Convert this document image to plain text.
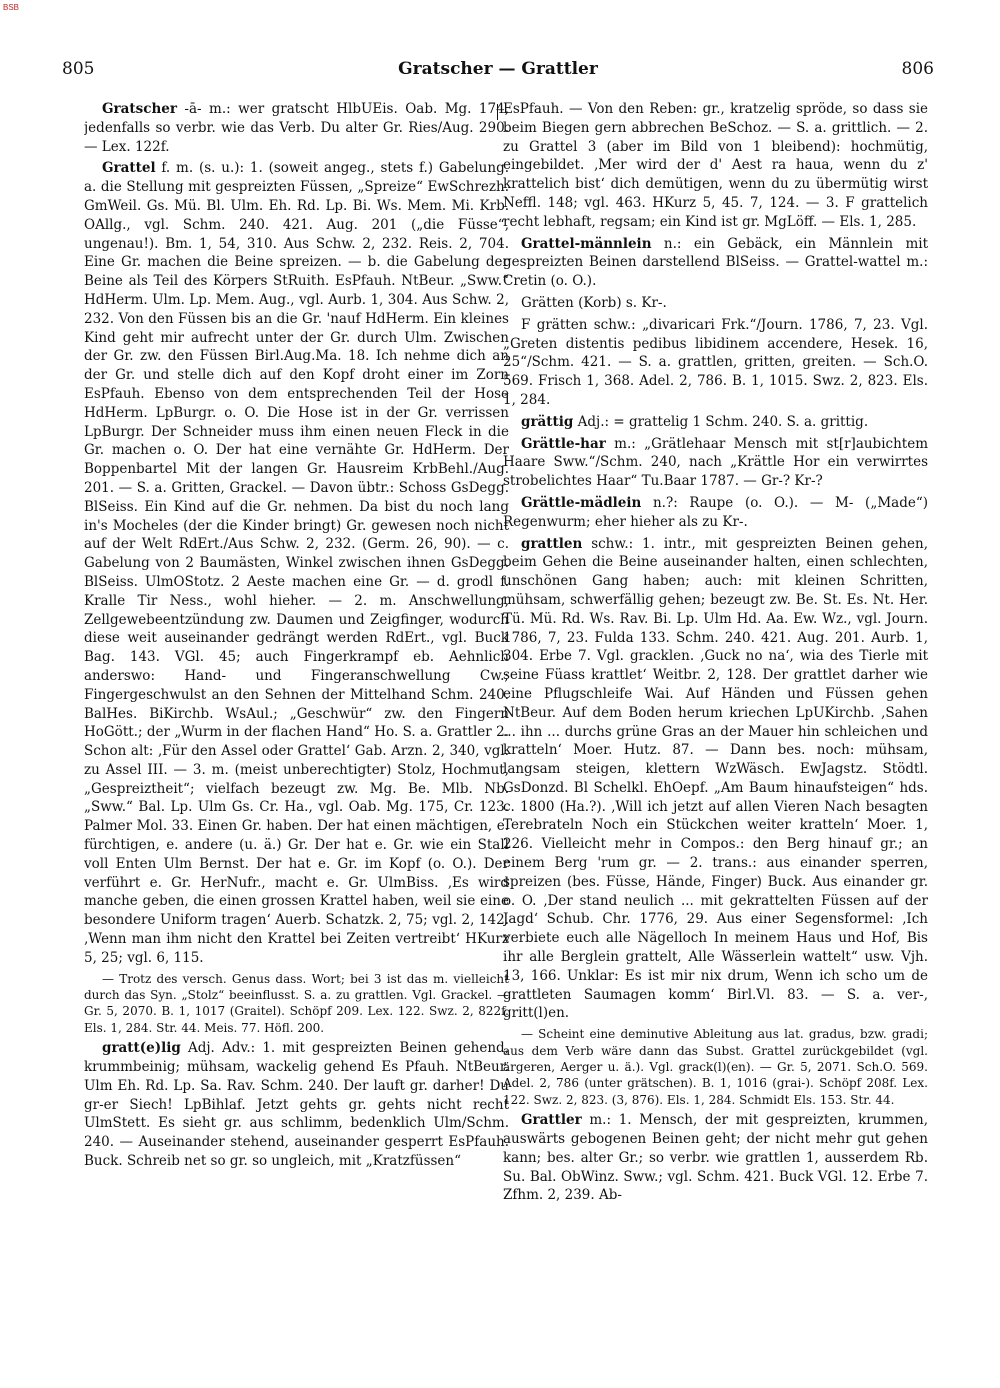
BSB
805	Gratscher — Grattler	806

Gratscher -ā- m.: wer gratscht HlbUEis. Oab. Mg. 174, jedenfalls so verbr. wie das Verb. Du alter Gr. Ries/Aug. 290. — Lex. 122f.

Grattel f. m. (s. u.): 1. (soweit angeg., stets f.) Gabelung. a. die Stellung mit gespreizten Füssen, „Spreize“ EwSchrezh. GmWeil. Gs. Mü. Bl. Ulm. Eh. Rd. Lp. Bi. Ws. Mem. Mi. Krb. OAllg., vgl. Schm. 240. 421. Aug. 201 („die Füsse“, ungenau!). Bm. 1, 54, 310. Aus Schw. 2, 232. Reis. 2, 704. Eine Gr. machen die Beine spreizen. — b. die Gabelung der Beine als Teil des Körpers StRuith. EsPfauh. NtBeur. „Sww.“ HdHerm. Ulm. Lp. Mem. Aug., vgl. Aurb. 1, 304. Aus Schw. 2, 232. Von den Füssen bis an die Gr. 'nauf HdHerm. Ein kleines Kind geht mir aufrecht unter der Gr. durch Ulm. Zwischen der Gr. zw. den Füssen Birl.Aug.Ma. 18. Ich nehme dich an der Gr. und stelle dich auf den Kopf droht einer im Zorn EsPfauh. Ebenso von dem entsprechenden Teil der Hose HdHerm. LpBurgr. o. O. Die Hose ist in der Gr. verrissen LpBurgr. Der Schneider muss ihm einen neuen Fleck in die Gr. machen o. O. Der hat eine vernähte Gr. HdHerm. Der Boppenbartel Mit der langen Gr. Hausreim KrbBehl./Aug. 201. — S. a. Gritten, Grackel. — Davon übtr.: Schoss GsDegg. BlSeiss. Ein Kind auf die Gr. nehmen. Da bist du noch lang in's Mocheles (der die Kinder bringt) Gr. gewesen noch nicht auf der Welt RdErt./Aus Schw. 2, 232. (Germ. 26, 90). — c. Gabelung von 2 Baumästen, Winkel zwischen ihnen GsDegg. BlSeiss. UlmOStotz. 2 Aeste machen eine Gr. — d. grodl f. Kralle Tir Ness., wohl hieher. — 2. m. Anschwellung, Zellgewebeentzündung zw. Daumen und Zeigfinger, wodurch diese weit auseinander gedrängt werden RdErt., vgl. Buck Bag. 143. VGl. 45; auch Fingerkrampf eb. Aehnlich anderswo: Hand- und Fingeranschwellung Cw.; Fingergeschwulst an den Sehnen der Mittelhand Schm. 240. BalHes. BiKirchb. WsAul.; „Geschwür“ zw. den Fingern HoGött.; der „Wurm in der flachen Hand“ Ho. S. a. Grattler 2. Schon alt: ‚Für den Assel oder Grattel‘ Gab. Arzn. 2, 340, vgl. zu Assel III. — 3. m. (meist unberechtigter) Stolz, Hochmut, „Gespreiztheit“; vielfach bezeugt zw. Mg. Be. Mlb. Nb. „Sww.“ Bal. Lp. Ulm Gs. Cr. Ha., vgl. Oab. Mg. 175, Cr. 123. Palmer Mol. 33. Einen Gr. haben. Der hat einen mächtigen, e. fürchtigen, e. andere (u. ä.) Gr. Der hat e. Gr. wie ein Stall voll Enten Ulm Bernst. Der hat e. Gr. im Kopf (o. O.). Der verführt e. Gr. HerNufr., macht e. Gr. UlmBiss. ‚Es wird manche geben, die einen grossen Krattel haben, weil sie eine besondere Uniform tragen‘ Auerb. Schatzk. 2, 75; vgl. 2, 142. ‚Wenn man ihm nicht den Krattel bei Zeiten vertreibt‘ HKurz 5, 25; vgl. 6, 115.

— Trotz des versch. Genus dass. Wort; bei 3 ist das m. vielleicht durch das Syn. „Stolz“ beeinflusst. S. a. zu grattlen. Vgl. Grackel. — Gr. 5, 2070. B. 1, 1017 (Graitel). Schöpf 209. Lex. 122. Swz. 2, 822f. Els. 1, 284. Str. 44. Meis. 77. Höfl. 200.

gratt(e)lig Adj. Adv.: 1. mit gespreizten Beinen gehend, krummbeinig; mühsam, wackelig gehend Es Pfauh. NtBeur. Ulm Eh. Rd. Lp. Sa. Rav. Schm. 240. Der lauft gr. darher! Du gr-er Siech! LpBihlaf. Jetzt gehts gr. gehts nicht recht UlmStett. Es sieht gr. aus schlimm, bedenklich Ulm/Schm. 240. — Auseinander stehend, auseinander gesperrt EsPfauh. Buck. Schreib net so gr. so ungleich, mit „Kratzfüssen“

EsPfauh. — Von den Reben: gr., kratzelig spröde, so dass sie beim Biegen gern abbrechen BeSchoz. — S. a. grittlich. — 2. zu Grattel 3 (aber im Bild von 1 bleibend): hochmütig, eingebildet. ‚Mer wird der d' Aest ra haua, wenn du z' krattelich bist‘ dich demütigen, wenn du zu übermütig wirst Neffl. 148; vgl. 463. HKurz 5, 45. 7, 124. — 3. F grattelich recht lebhaft, regsam; ein Kind ist gr. MgLöff. — Els. 1, 285.

Grattel-männlein n.: ein Gebäck, ein Männlein mit gespreizten Beinen darstellend BlSeiss. — Grattel-wattel m.: Cretin (o. O.).

Grätten (Korb) s. Kr-.

F grätten schw.: „divaricari Frk.“/Journ. 1786, 7, 23. Vgl. „Greten distentis pedibus libidinem accendere, Hesek. 16, 25“/Schm. 421. — S. a. grattlen, gritten, greiten. — Sch.O. 569. Frisch 1, 368. Adel. 2, 786. B. 1, 1015. Swz. 2, 823. Els. 1, 284.

grättig Adj.: = grattelig 1 Schm. 240. S. a. grittig.

Grättle-har m.: „Grätlehaar Mensch mit st[r]aubichtem Haare Sww.“/Schm. 240, nach „Krättle Hor ein verwirrtes strobelichtes Haar“ Tu.Baar 1787. — Gr-? Kr-?

Grättle-mädlein n.?: Raupe (o. O.). — M- („Made“) Regenwurm; eher hieher als zu Kr-.

grattlen schw.: 1. intr., mit gespreizten Beinen gehen, beim Gehen die Beine auseinander halten, einen schlechten, unschönen Gang haben; auch: mit kleinen Schritten, mühsam, schwerfällig gehen; bezeugt zw. Be. St. Es. Nt. Her. Tü. Mü. Rd. Ws. Rav. Bi. Lp. Ulm Hd. Aa. Ew. Wz., vgl. Journ. 1786, 7, 23. Fulda 133. Schm. 240. 421. Aug. 201. Aurb. 1, 304. Erbe 7. Vgl. gracklen. ‚Guck no na‘, wia des Tierle mit seine Füass krattlet‘ Weitbr. 2, 128. Der grattlet darher wie eine Pflugschleife Wai. Auf Händen und Füssen gehen NtBeur. Auf dem Boden herum kriechen LpUKirchb. ‚Sahen ... ihn ... durchs grüne Gras an der Mauer hin schleichen und kratteln‘ Moer. Hutz. 87. — Dann bes. noch: mühsam, langsam steigen, klettern WzWäsch. EwJagstz. Stödtl. GsDonzd. Bl Schelkl. EhOepf. „Am Baum hinaufsteigen“ hds. c. 1800 (Ha.?). ‚Will ich jetzt auf allen Vieren Nach besagten Terebrateln Noch ein Stückchen weiter kratteln‘ Moer. 1, 226. Vielleicht mehr in Compos.: den Berg hinauf gr.; an einem Berg 'rum gr. — 2. trans.: aus einander sperren, spreizen (bes. Füsse, Hände, Finger) Buck. Aus einander gr. o. O. ‚Der stand neulich ... mit gekrattelten Füssen auf der Jagd‘ Schub. Chr. 1776, 29. Aus einer Segensformel: ‚Ich verbiete euch alle Nägelloch In meinem Haus und Hof, Bis ihr alle Berglein grattelt, Alle Wässerlein wattelt“ usw. Vjh. 13, 166. Unklar: Es ist mir nix drum, Wenn ich scho um de grattleten Saumagen komm‘ Birl.Vl. 83. — S. a. ver-, gritt(l)en.

— Scheint eine deminutive Ableitung aus lat. gradus, bzw. gradi; aus dem Verb wäre dann das Subst. Grattel zurückgebildet (vgl. ärgeren, Aerger u. ä.). Vgl. grack(l)(en). — Gr. 5, 2071. Sch.O. 569. Adel. 2, 786 (unter grätschen). B. 1, 1016 (grai-). Schöpf 208f. Lex. 122. Swz. 2, 823. (3, 876). Els. 1, 284. Schmidt Els. 153. Str. 44.

Grattler m.: 1. Mensch, der mit gespreizten, krummen, auswärts gebogenen Beinen geht; der nicht mehr gut gehen kann; bes. alter Gr.; so verbr. wie grattlen 1, ausserdem Rb. Su. Bal. ObWinz. Sww.; vgl. Schm. 421. Buck VGl. 12. Erbe 7. Zfhm. 2, 239. Ab-
